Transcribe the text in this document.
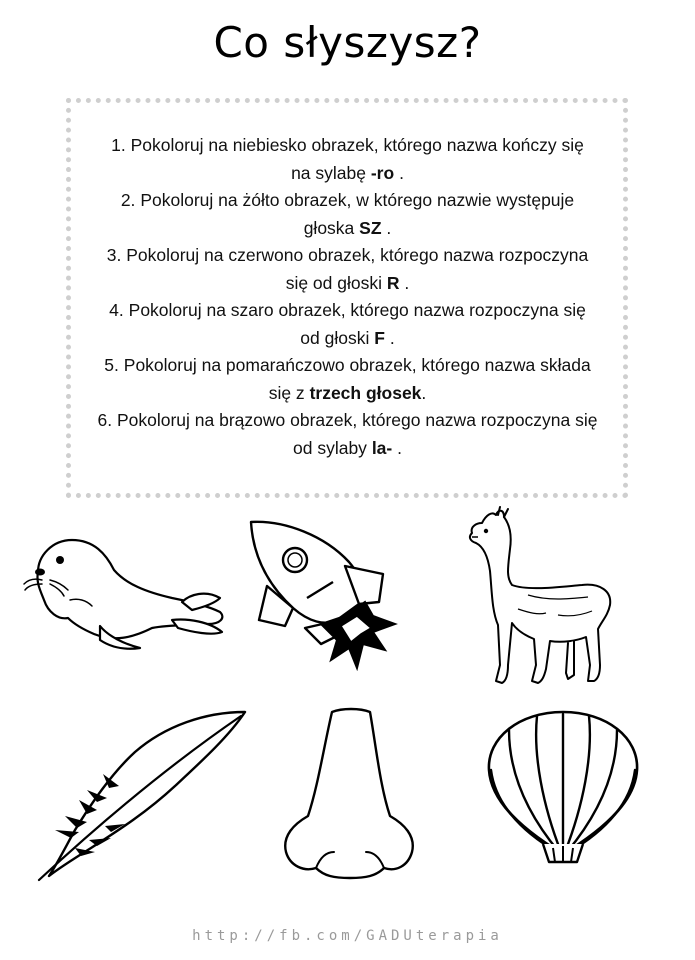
Co słyszysz?
1. Pokoloruj na niebiesko obrazek, którego nazwa kończy się
na sylabę -ro .
2. Pokoloruj na żółto obrazek, w którego nazwie występuje
głoska SZ .
3. Pokoloruj na czerwono obrazek, którego nazwa rozpoczyna
się od głoski R .
4. Pokoloruj na szaro obrazek, którego nazwa rozpoczyna się
od głoski F .
5. Pokoloruj na pomarańczowo obrazek, którego nazwa składa
się z trzech głosek.
6. Pokoloruj na brązowo obrazek, którego nazwa rozpoczyna się
od sylaby la- .
http://fb.com/GADUterapia
